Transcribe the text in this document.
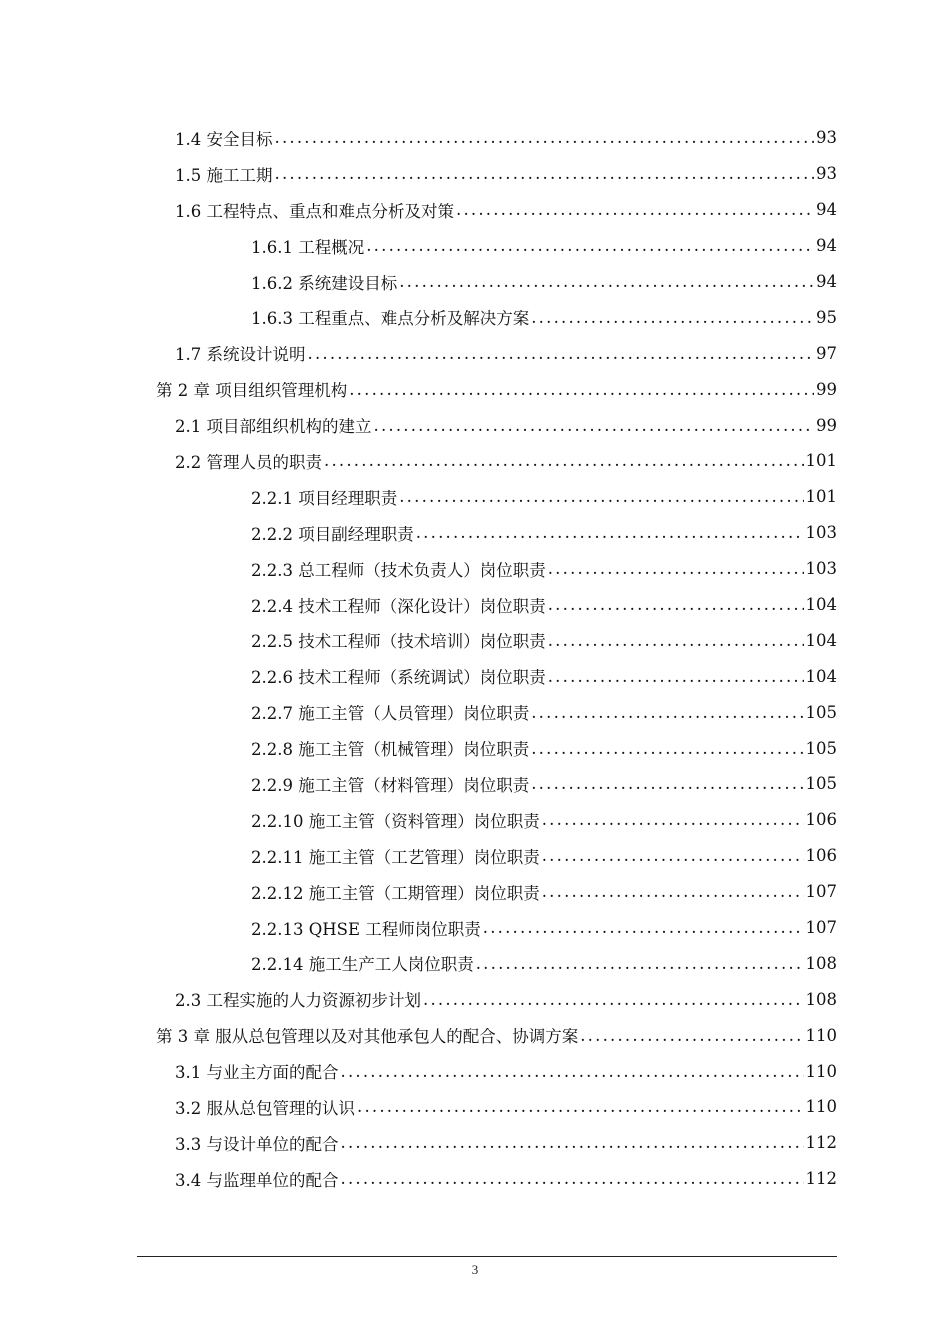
1.4 安全目标 .....	93
1.5 施工工期 .....	93
1.6 工程特点、重点和难点分析及对策 .....	94
1.6.1 工程概况 .....	94
1.6.2 系统建设目标 .....	94
1.6.3 工程重点、难点分析及解决方案 .....	95
1.7 系统设计说明 .....	97
第 2 章 项目组织管理机构 .....	99
2.1 项目部组织机构的建立 .....	99
2.2 管理人员的职责 .....	101
2.2.1 项目经理职责 .....	101
2.2.2 项目副经理职责 .....	103
2.2.3 总工程师（技术负责人）岗位职责 .....	103
2.2.4 技术工程师（深化设计）岗位职责 .....	104
2.2.5 技术工程师（技术培训）岗位职责 .....	104
2.2.6 技术工程师（系统调试）岗位职责 .....	104
2.2.7 施工主管（人员管理）岗位职责 .....	105
2.2.8 施工主管（机械管理）岗位职责 .....	105
2.2.9 施工主管（材料管理）岗位职责 .....	105
2.2.10 施工主管（资料管理）岗位职责 .....	106
2.2.11 施工主管（工艺管理）岗位职责 .....	106
2.2.12 施工主管（工期管理）岗位职责 .....	107
2.2.13 QHSE 工程师岗位职责 .....	107
2.2.14 施工生产工人岗位职责 .....	108
2.3 工程实施的人力资源初步计划 .....	108
第 3 章 服从总包管理以及对其他承包人的配合、协调方案 .....	110
3.1 与业主方面的配合 .....	110
3.2 服从总包管理的认识 .....	110
3.3 与设计单位的配合 .....	112
3.4 与监理单位的配合 .....	112
3
